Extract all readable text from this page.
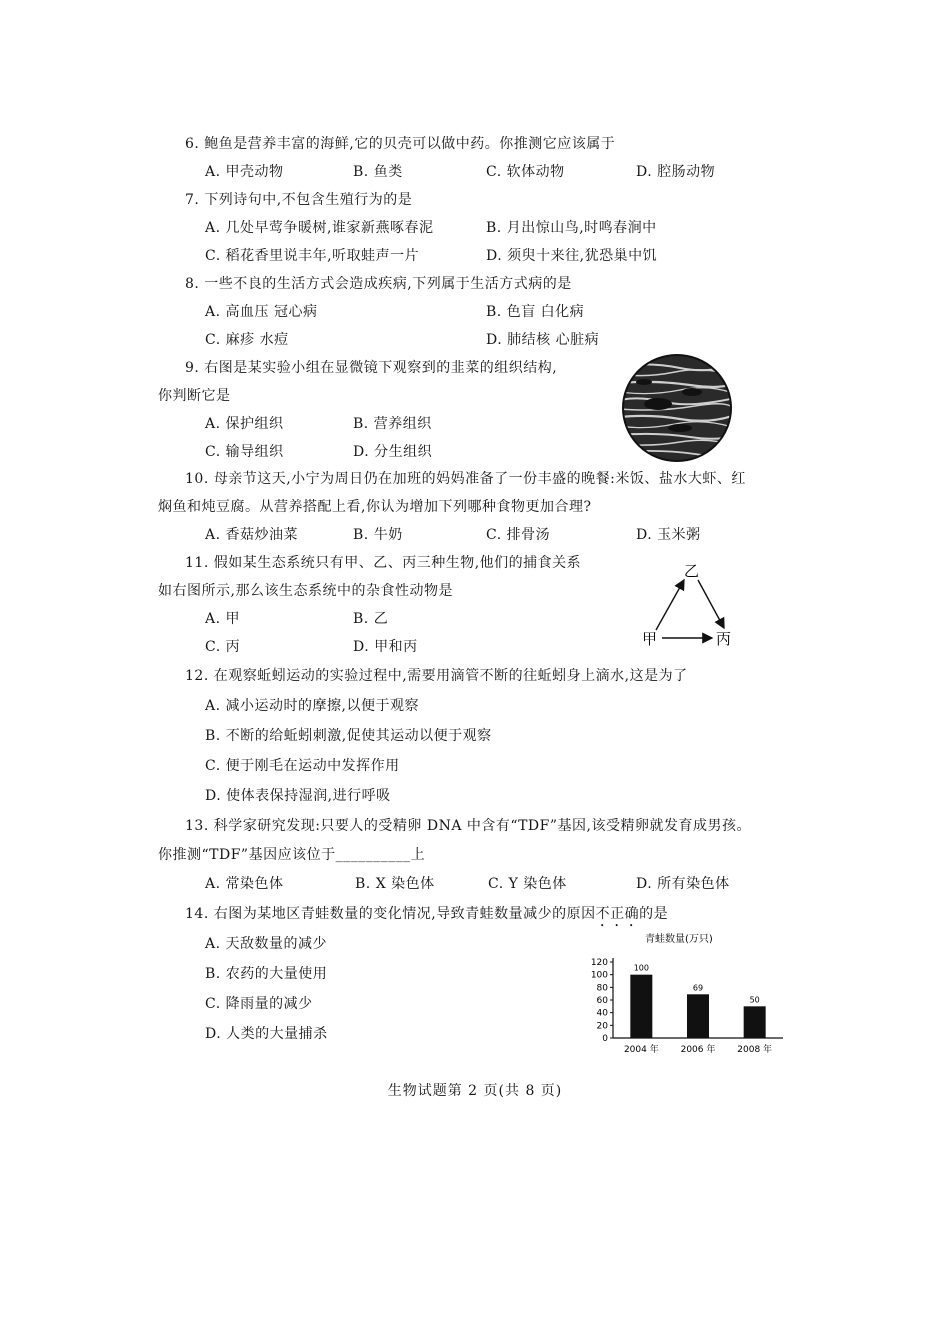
6. 鲍鱼是营养丰富的海鲜,它的贝壳可以做中药。你推测它应该属于
A. 甲壳动物	B. 鱼类	C. 软体动物	D. 腔肠动物
7. 下列诗句中,不包含生殖行为的是
A. 几处早莺争暖树,谁家新燕啄春泥	B. 月出惊山鸟,时鸣春涧中
C. 稻花香里说丰年,听取蛙声一片	D. 须臾十来往,犹恐巢中饥
8. 一些不良的生活方式会造成疾病,下列属于生活方式病的是
A. 高血压 冠心病	B. 色盲 白化病
C. 麻疹 水痘	D. 肺结核 心脏病
9. 右图是某实验小组在显微镜下观察到的韭菜的组织结构,
你判断它是
A. 保护组织	B. 营养组织
C. 输导组织	D. 分生组织
10. 母亲节这天,小宁为周日仍在加班的妈妈准备了一份丰盛的晚餐:米饭、盐水大虾、红
焖鱼和炖豆腐。从营养搭配上看,你认为增加下列哪种食物更加合理?
A. 香菇炒油菜	B. 牛奶	C. 排骨汤	D. 玉米粥
11. 假如某生态系统只有甲、乙、丙三种生物,他们的捕食关系
如右图所示,那么该生态系统中的杂食性动物是
A. 甲	B. 乙
C. 丙	D. 甲和丙
乙
甲	丙
12. 在观察蚯蚓运动的实验过程中,需要用滴管不断的往蚯蚓身上滴水,这是为了
A. 减小运动时的摩擦,以便于观察
B. 不断的给蚯蚓刺激,促使其运动以便于观察
C. 便于刚毛在运动中发挥作用
D. 使体表保持湿润,进行呼吸
13. 科学家研究发现:只要人的受精卵 DNA 中含有“TDF”基因,该受精卵就发育成男孩。
你推测“TDF”基因应该位于__________上
A. 常染色体	B. X 染色体	C. Y 染色体	D. 所有染色体
14. 右图为某地区青蛙数量的变化情况,导致青蛙数量减少的原因不正确的是
A. 天敌数量的减少
B. 农药的大量使用
C. 降雨量的减少
D. 人类的大量捕杀
青蛙数量(万只)
0
20
40
60
80
100
120
100
2004 年
69
2006 年
50
2008 年
生物试题第 2 页(共 8 页)
